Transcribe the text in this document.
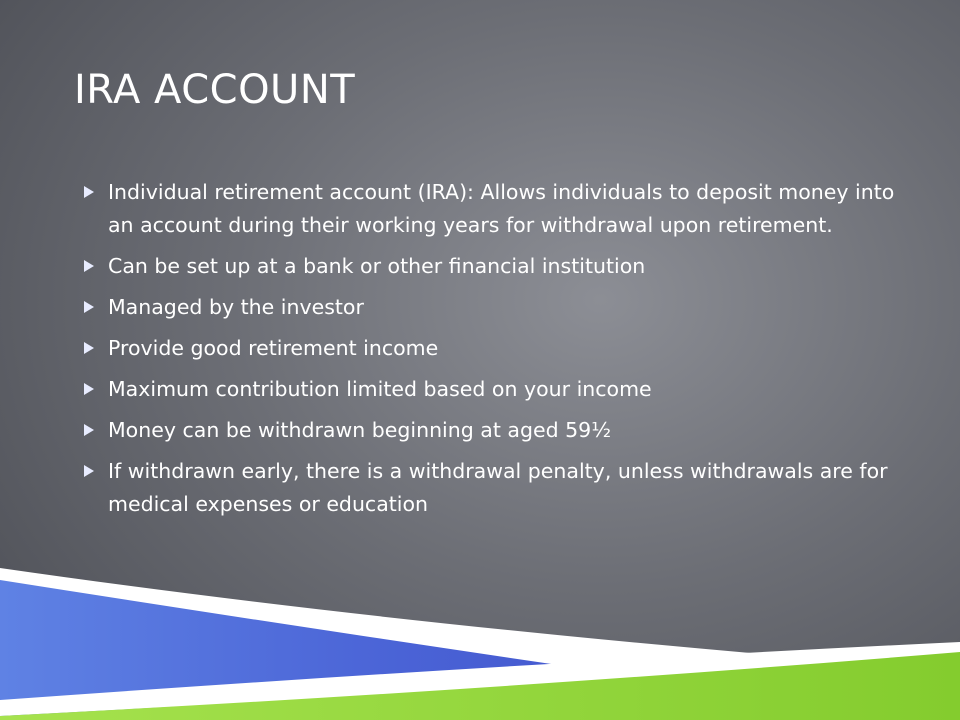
IRA ACCOUNT
Individual retirement account (IRA): Allows individuals to deposit money into an account during their working years for withdrawal upon retirement.
Can be set up at a bank or other financial institution
Managed by the investor
Provide good retirement income
Maximum contribution limited based on your income
Money can be withdrawn beginning at aged 59½
If withdrawn early, there is a withdrawal penalty, unless withdrawals are for medical expenses or education
